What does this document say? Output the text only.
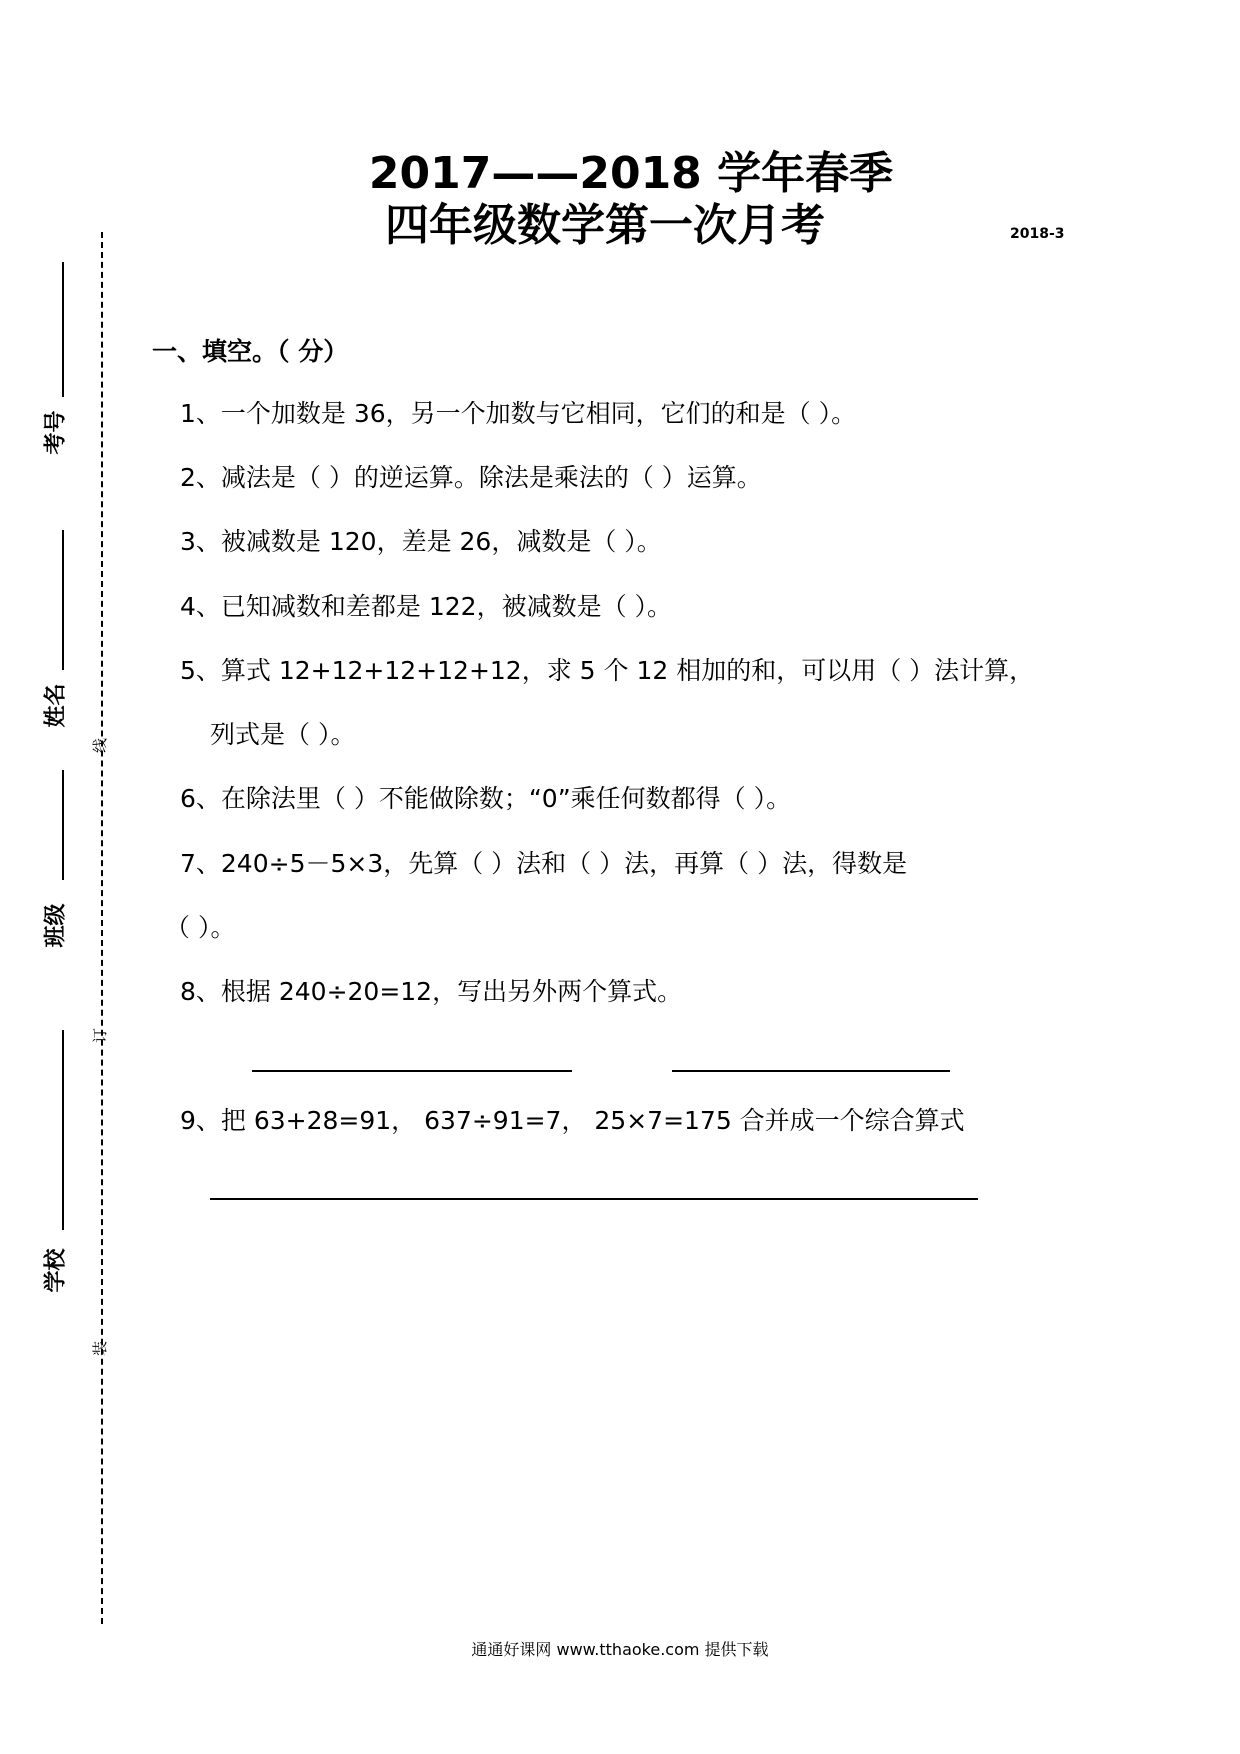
2017——2018 学年春季
四年级数学第一次月考	2018-3
考号
姓名
班级
学校
线
订
装
一、填空。（ 分）
1、一个加数是 36，另一个加数与它相同，它们的和是（ ）。
2、减法是（ ）的逆运算。除法是乘法的（ ）运算。
3、被减数是 120，差是 26，减数是（ ）。
4、已知减数和差都是 122，被减数是（ ）。
5、算式 12+12+12+12+12，求 5 个 12 相加的和，可以用（ ）法计算，
列式是（ ）。
6、在除法里（ ）不能做除数；“0”乘任何数都得（ ）。
7、240÷5－5×3，先算（ ）法和（ ）法，再算（ ）法，得数是
（ ）。
8、根据 240÷20=12，写出另外两个算式。
9、把 63+28=91， 637÷91=7， 25×7=175 合并成一个综合算式
通通好课网 www.tthaoke.com 提供下载
